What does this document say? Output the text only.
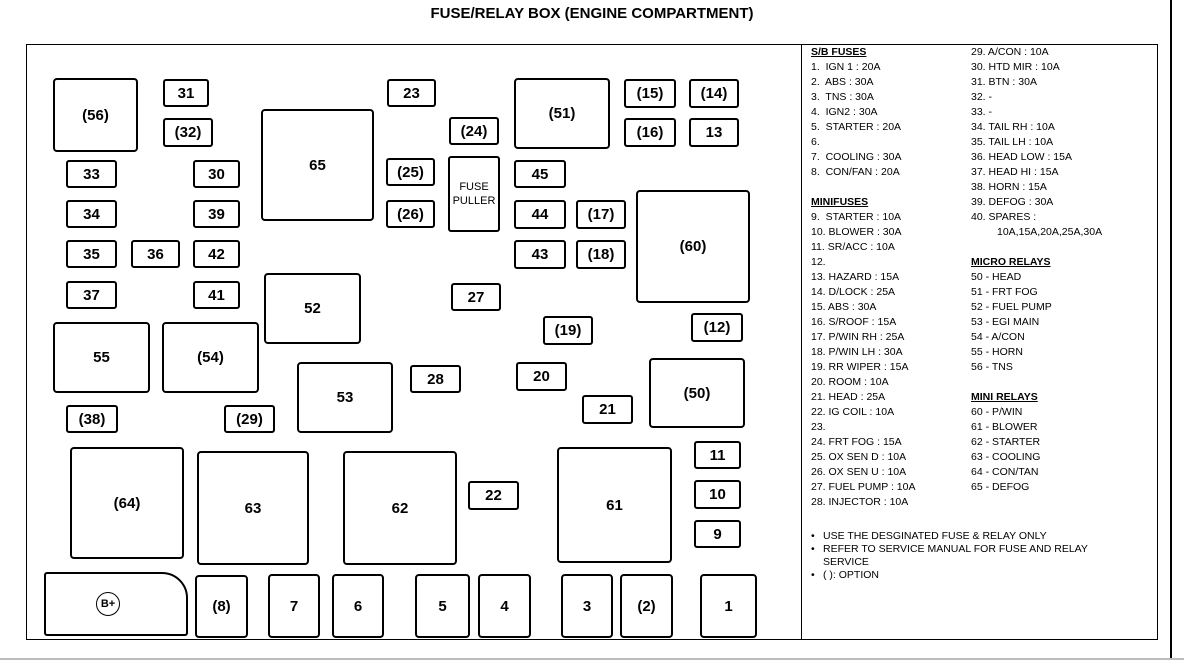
FUSE/RELAY BOX (ENGINE COMPARTMENT)
(56)
31
(32)
65
23
(24)
(51)
(15) (14)
(16)	13
33	30	(25)
FUSE
PULLER
45
34	39	(26)	44	(17)
(60)
35	36	42	43	(18)
37	41
52
27
55	(54)
(19)	(12)
53
28	20
(50)
(38)	(29)
21
(64)	63	62
22
61
11
10
9
B+	(8)	7	6	5	4	3	(2)	1
S/B FUSES
1.  IGN 1 : 20A
2.  ABS : 30A
3.  TNS : 30A
4.  IGN2 : 30A
5.  STARTER : 20A
6.
7.  COOLING : 30A
8.  CON/FAN : 20A
MINIFUSES
9.  STARTER : 10A
10. BLOWER : 30A
11. SR/ACC : 10A
12.
13. HAZARD : 15A
14. D/LOCK : 25A
15. ABS : 30A
16. S/ROOF : 15A
17. P/WIN RH : 25A
18. P/WIN LH : 30A
19. RR WIPER : 15A
20. ROOM : 10A
21. HEAD : 25A
22. IG COIL : 10A
23.
24. FRT FOG : 15A
25. OX SEN D : 10A
26. OX SEN U : 10A
27. FUEL PUMP : 10A
28. INJECTOR : 10A
29. A/CON : 10A
30. HTD MIR : 10A
31. BTN : 30A
32. -
33. -
34. TAIL RH : 10A
35. TAIL LH : 10A
36. HEAD LOW : 15A
37. HEAD HI : 15A
38. HORN : 15A
39. DEFOG : 30A
40. SPARES :
10A,15A,20A,25A,30A
MICRO RELAYS
50 - HEAD
51 - FRT FOG
52 - FUEL PUMP
53 - EGI MAIN
54 - A/CON
55 - HORN
56 - TNS
MINI RELAYS
60 - P/WIN
61 - BLOWER
62 - STARTER
63 - COOLING
64 - CON/TAN
65 - DEFOG
• USE THE DESGINATED FUSE & RELAY ONLY
• REFER TO SERVICE MANUAL FOR FUSE AND RELAY SERVICE
• ( ): OPTION
